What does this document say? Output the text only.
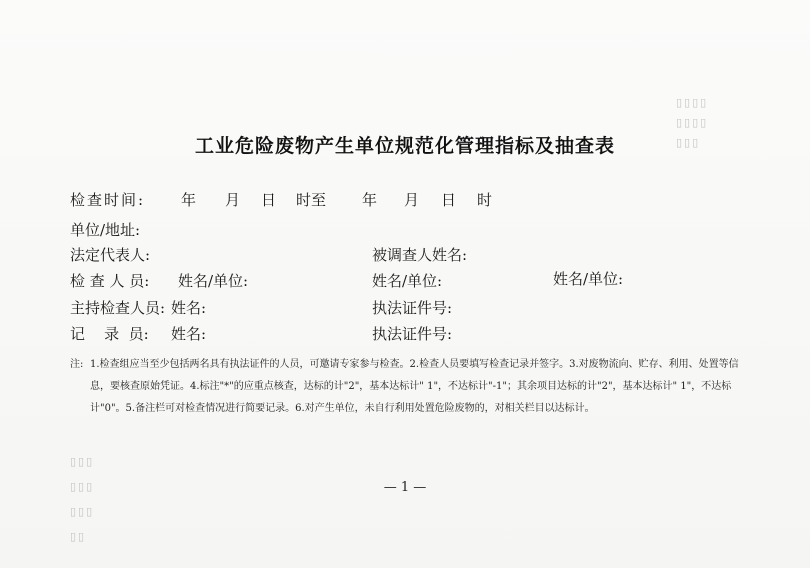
▯▯▯▯
▯▯▯▯
▯▯▯
▯▯▯
▯▯▯
▯▯▯
▯▯
工业危险废物产生单位规范化管理指标及抽查表
检查时间: 年 月 日 时至 年 月 日 时
单位/地址:
法定代表人:	被调查人姓名:
检 查 人 员: 姓名/单位:	姓名/单位:	姓名/单位:
主持检查人员: 姓名:	执法证件号:
记    录  员: 姓名:	执法证件号:
注: 1.检查组应当至少包括两名具有执法证件的人员，可邀请专家参与检查。2.检查人员要填写检查记录并签字。3.对废物流向、贮存、利用、处置等信息，要核查原始凭证。4.标注"*"的应重点核查，达标的计"2"，基本达标计" 1"，不达标计"-1"；其余项目达标的计"2"，基本达标计" 1"，不达标计"0"。5.备注栏可对检查情况进行简要记录。6.对产生单位，未自行利用处置危险废物的，对相关栏目以达标计。
— 1 —
